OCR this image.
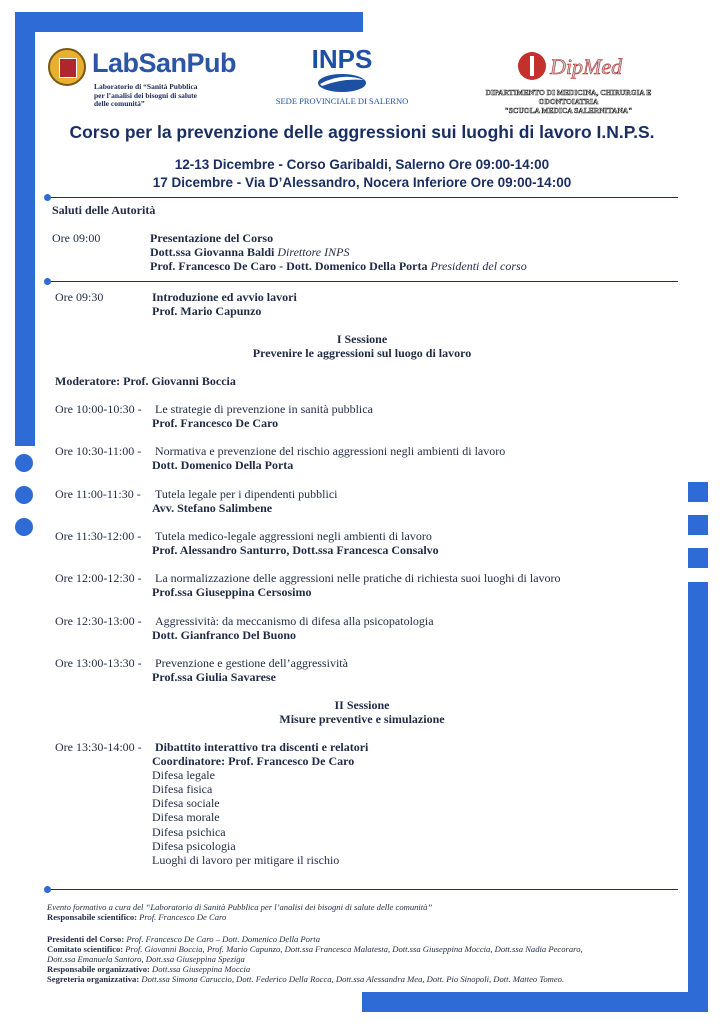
LabSanPub
Laboratorio di “Sanità Pubblica
per l’analisi dei bisogni di salute
delle comunità”
INPS
SEDE PROVINCIALE DI SALERNO
DipMed
DIPARTIMENTO DI MEDICINA, CHIRURGIA E ODONTOIATRIA
"SCUOLA MEDICA SALERNITANA"
Corso per la prevenzione delle aggressioni sui luoghi di lavoro I.N.P.S.
12-13 Dicembre - Corso Garibaldi, Salerno Ore 09:00-14:00
17 Dicembre - Via D’Alessandro, Nocera Inferiore Ore 09:00-14:00
Saluti delle Autorità
Ore 09:00	Presentazione del Corso
Dott.ssa Giovanna Baldi Direttore INPS
Prof. Francesco De Caro - Dott. Domenico Della Porta Presidenti del corso
Ore 09:30	Introduzione ed avvio lavori
Prof. Mario Capunzo
I Sessione
Prevenire le aggressioni sul luogo di lavoro
Moderatore: Prof. Giovanni Boccia
Ore 10:00-10:30 - Le strategie di prevenzione in sanità pubblica
Prof. Francesco De Caro
Ore 10:30-11:00 - Normativa e prevenzione del rischio aggressioni negli ambienti di lavoro
Dott. Domenico Della Porta
Ore 11:00-11:30 - Tutela legale per i dipendenti pubblici
Avv. Stefano Salimbene
Ore 11:30-12:00 - Tutela medico-legale aggressioni negli ambienti di lavoro
Prof. Alessandro Santurro, Dott.ssa Francesca Consalvo
Ore 12:00-12:30 - La normalizzazione delle aggressioni nelle pratiche di richiesta suoi luoghi di lavoro
Prof.ssa Giuseppina Cersosimo
Ore 12:30-13:00 - Aggressività: da meccanismo di difesa alla psicopatologia
Dott. Gianfranco Del Buono
Ore 13:00-13:30 - Prevenzione e gestione dell’aggressività
Prof.ssa Giulia Savarese
II Sessione
Misure preventive e simulazione
Ore 13:30-14:00 - Dibattito interattivo tra discenti e relatori
Coordinatore: Prof. Francesco De Caro
Difesa legale
Difesa fisica
Difesa sociale
Difesa morale
Difesa psichica
Difesa psicologia
Luoghi di lavoro per mitigare il rischio
Evento formativo a cura del “Laboratorio di Sanità Pubblica per l’analisi dei bisogni di salute delle comunità”
Responsabile scientifico: Prof. Francesco De Caro
Presidenti del Corso: Prof. Francesco De Caro – Dott. Domenico Della Porta
Comitato scientifico: Prof. Giovanni Boccia, Prof. Mario Capunzo, Dott.ssa Francesca Malatesta, Dott.ssa Giuseppina Moccia, Dott.ssa Nadia Pecoraro,
Dott.ssa Emanuela Santoro, Dott.ssa Giuseppina Speziga
Responsabile organizzativo: Dott.ssa Giuseppina Moccia
Segreteria organizzativa: Dott.ssa Simona Caruccio, Dott. Federico Della Rocca, Dott.ssa Alessandra Mea, Dott. Pio Sinopoli, Dott. Matteo Tomeo.
